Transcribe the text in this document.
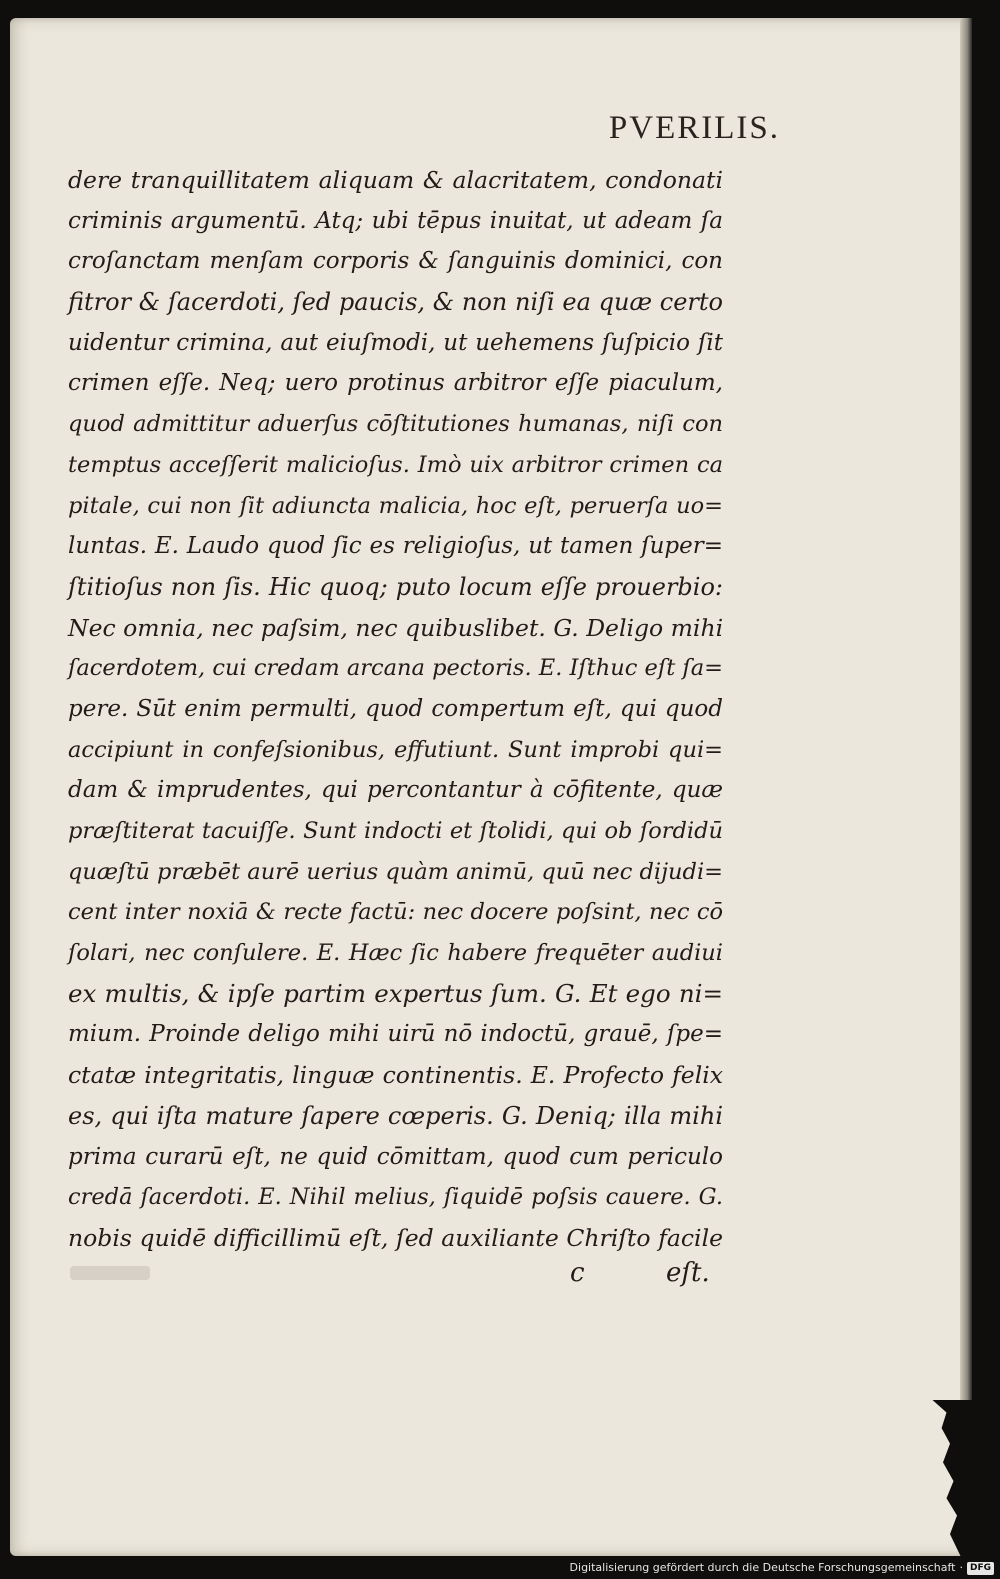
PVERILIS.
dere tranquillitatem aliquam & alacritatem, condonati
criminis argumentū. Atq; ubi tēpus inuitat, ut adeam ſa
croſanctam menſam corporis & ſanguinis dominici, con
fitror & ſacerdoti, ſed paucis, & non niſi ea quæ certo
uidentur crimina, aut eiuſmodi, ut uehemens ſuſpicio ſit
crimen eſſe. Neq; uero protinus arbitror eſſe piaculum,
quod admittitur aduerſus cōſtitutiones humanas, niſi con
temptus acceſſerit malicioſus. Imò uix arbitror crimen ca
pitale, cui non ſit adiuncta malicia, hoc eſt, peruerſa uo=
luntas. E. Laudo quod ſic es religioſus, ut tamen ſuper=
ſtitioſus non ſis. Hic quoq; puto locum eſſe prouerbio:
Nec omnia, nec paſsim, nec quibuslibet. G. Deligo mihi
ſacerdotem, cui credam arcana pectoris. E. Iſthuc eſt ſa=
pere. Sūt enim permulti, quod compertum eſt, qui quod
accipiunt in confeſsionibus, effutiunt. Sunt improbi qui=
dam & imprudentes, qui percontantur à cōfitente, quæ
præſtiterat tacuiſſe. Sunt indocti et ſtolidi, qui ob ſordidū
quæſtū præbēt aurē uerius quàm animū, quū nec dijudi=
cent inter noxiā & recte factū: nec docere poſsint, nec cō
ſolari, nec conſulere. E. Hæc ſic habere frequēter audiui
ex multis, & ipſe partim expertus ſum. G. Et ego ni=
mium. Proinde deligo mihi uirū nō indoctū, grauē, ſpe=
ctatæ integritatis, linguæ continentis. E. Profecto felix
es, qui iſta mature ſapere cœperis. G. Deniq; illa mihi
prima curarū eſt, ne quid cōmittam, quod cum periculo
credā ſacerdoti. E. Nihil melius, ſiquidē poſsis cauere. G.
nobis quidē difficillimū eſt, ſed auxiliante Chriſto facile
c	eſt.
Digitalisierung gefördert durch die Deutsche Forschungsgemeinschaft · DFG
